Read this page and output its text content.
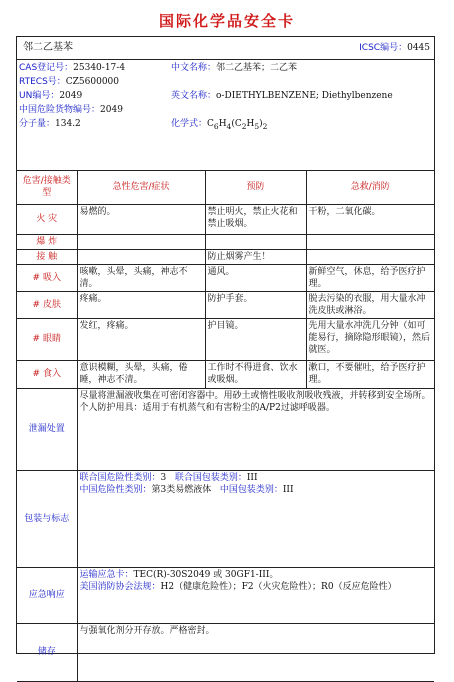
国际化学品安全卡
邻二乙基苯	ICSC编号：0445
CAS登记号：25340-17-4
RTECS号：CZ5600000
UN编号：2049
中国危险货物编号：2049
分子量：134.2
中文名称：邻二乙基苯；二乙苯
英文名称：o-DIETHYLBENZENE; Diethylbenzene
化学式：$C_6H_4(C_2H_5)_2$
危害/接触类型	急性危害/症状	预防	急救/消防
火 灾	易燃的。	禁止明火，禁止火花和禁止吸烟。	干粉，二氧化碳。
爆 炸			
接 触		防止烟雾产生！	
# 吸入	咳嗽，头晕，头痛，神志不清。	通风。	新鲜空气，休息，给予医疗护理。
# 皮肤	疼痛。	防护手套。	脱去污染的衣服，用大量水冲洗皮肤或淋浴。
# 眼睛	发红，疼痛。	护目镜。	先用大量水冲洗几分钟（如可能易行，摘除隐形眼镜），然后就医。
# 食入	意识模糊，头晕，头痛，倦睡，神志不清。	工作时不得进食、饮水或吸烟。	漱口，不要催吐，给予医疗护理。
泄漏处置	尽量将泄漏液收集在可密闭容器中。用砂土或惰性吸收剂吸收残液，并转移到安全场所。个人防护用具：适用于有机蒸气和有害粉尘的A/P2过滤呼吸器。		
包装与标志	联合国危险性类别：3 联合国包装类别：III
中国危险性类别：第3类易燃液体 中国包装类别：III		

应急响应	运输应急卡：TEC(R)-30S2049 或 30GF1-III。
美国消防协会法规：H2（健康危险性）；F2（火灾危险性）；R0（反应危险性）		

储存	与强氧化剂分开存放。严格密封。		
